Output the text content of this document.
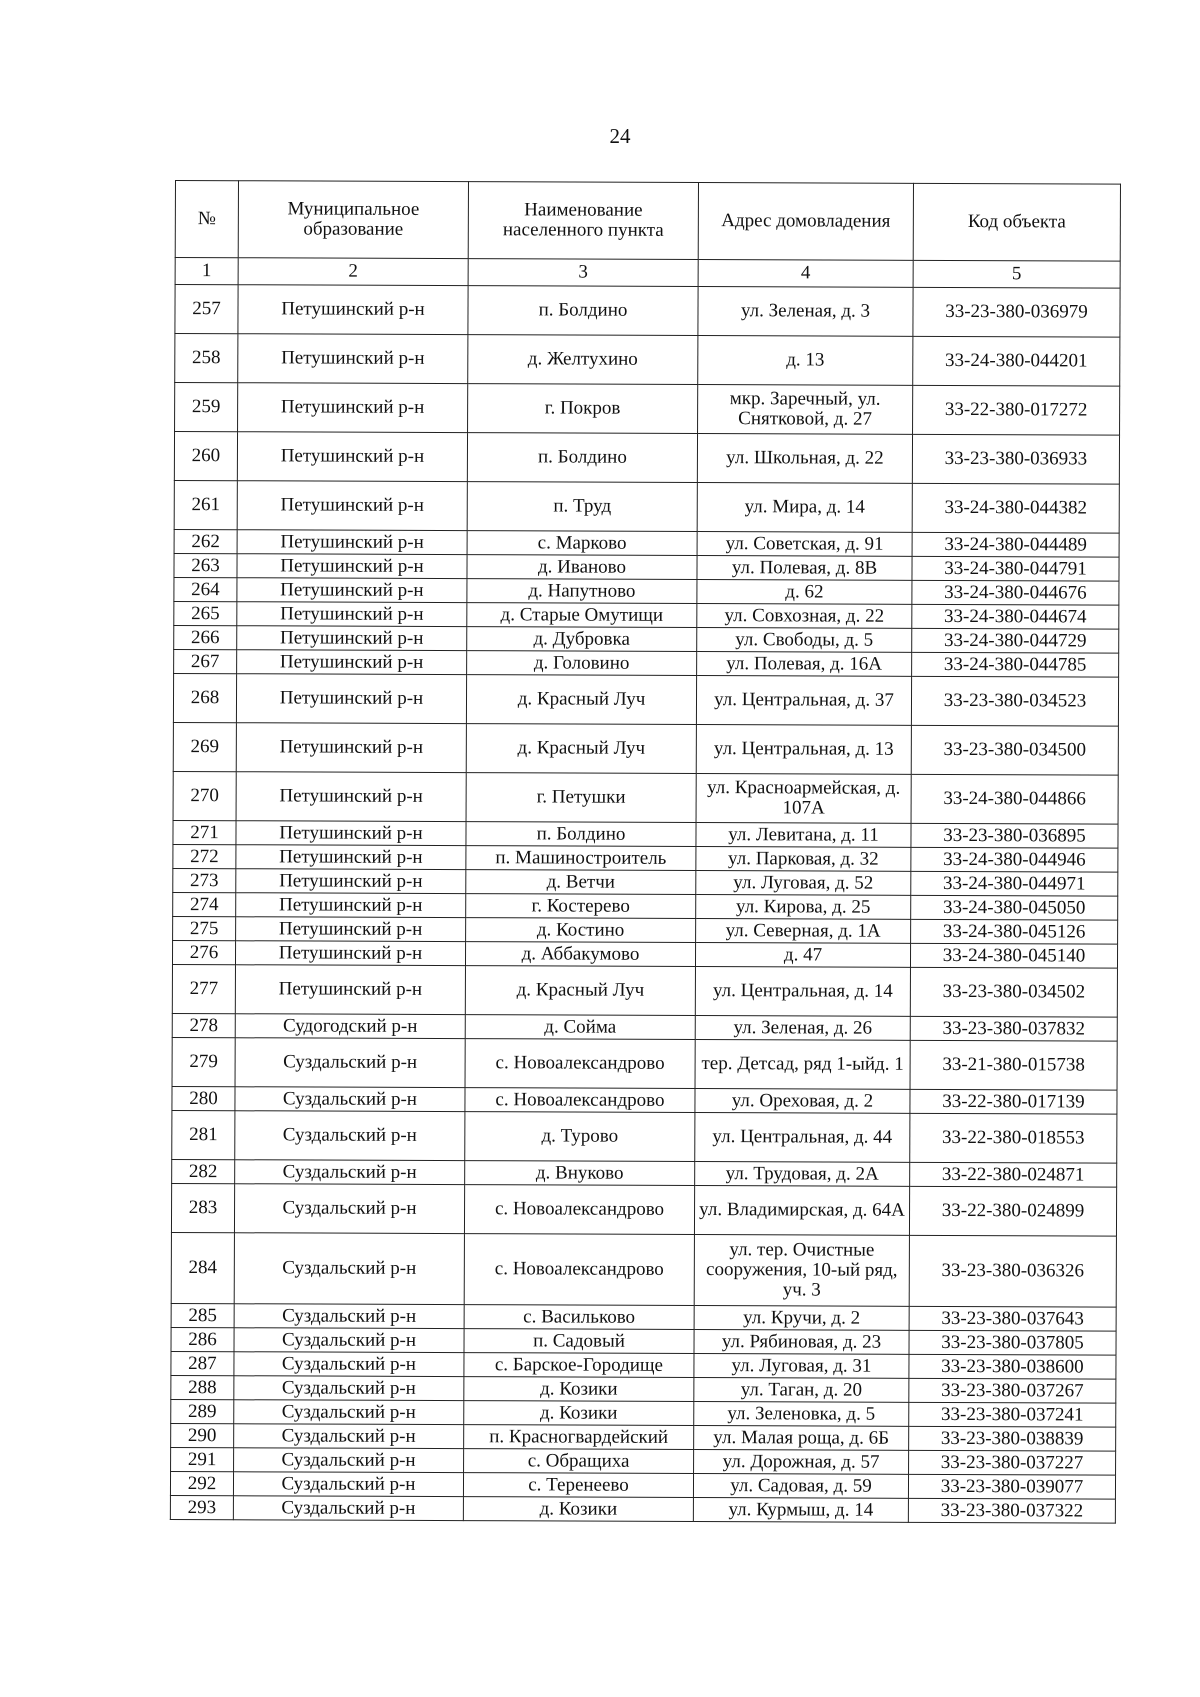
24
№	Муниципальное образование	Наименование населенного пункта	Адрес домовладения	Код объекта
1	2	3	4	5
257	Петушинский р-н	п. Болдино	ул. Зеленая, д. 3	33-23-380-036979
258	Петушинский р-н	д. Желтухино	д. 13	33-24-380-044201
259	Петушинский р-н	г. Покров	мкр. Заречный, ул. Снятковой, д. 27	33-22-380-017272
260	Петушинский р-н	п. Болдино	ул. Школьная, д. 22	33-23-380-036933
261	Петушинский р-н	п. Труд	ул. Мира, д. 14	33-24-380-044382
262	Петушинский р-н	с. Марково	ул. Советская, д. 91	33-24-380-044489
263	Петушинский р-н	д. Иваново	ул. Полевая, д. 8В	33-24-380-044791
264	Петушинский р-н	д. Напутново	д. 62	33-24-380-044676
265	Петушинский р-н	д. Старые Омутищи	ул. Совхозная, д. 22	33-24-380-044674
266	Петушинский р-н	д. Дубровка	ул. Свободы, д. 5	33-24-380-044729
267	Петушинский р-н	д. Головино	ул. Полевая, д. 16А	33-24-380-044785
268	Петушинский р-н	д. Красный Луч	ул. Центральная, д. 37	33-23-380-034523
269	Петушинский р-н	д. Красный Луч	ул. Центральная, д. 13	33-23-380-034500
270	Петушинский р-н	г. Петушки	ул. Красноармейская, д. 107А	33-24-380-044866
271	Петушинский р-н	п. Болдино	ул. Левитана, д. 11	33-23-380-036895
272	Петушинский р-н	п. Машиностроитель	ул. Парковая, д. 32	33-24-380-044946
273	Петушинский р-н	д. Ветчи	ул. Луговая, д. 52	33-24-380-044971
274	Петушинский р-н	г. Костерево	ул. Кирова, д. 25	33-24-380-045050
275	Петушинский р-н	д. Костино	ул. Северная, д. 1А	33-24-380-045126
276	Петушинский р-н	д. Аббакумово	д. 47	33-24-380-045140
277	Петушинский р-н	д. Красный Луч	ул. Центральная, д. 14	33-23-380-034502
278	Судогодский р-н	д. Сойма	ул. Зеленая, д. 26	33-23-380-037832
279	Суздальский р-н	с. Новоалександрово	тер. Детсад, ряд 1-ыйд. 1	33-21-380-015738
280	Суздальский р-н	с. Новоалександрово	ул. Ореховая, д. 2	33-22-380-017139
281	Суздальский р-н	д. Турово	ул. Центральная, д. 44	33-22-380-018553
282	Суздальский р-н	д. Внуково	ул. Трудовая, д. 2А	33-22-380-024871
283	Суздальский р-н	с. Новоалександрово	ул. Владимирская, д. 64А	33-22-380-024899
284	Суздальский р-н	с. Новоалександрово	ул. тер. Очистные сооружения, 10-ый ряд, уч. 3	33-23-380-036326
285	Суздальский р-н	с. Васильково	ул. Кручи, д. 2	33-23-380-037643
286	Суздальский р-н	п. Садовый	ул. Рябиновая, д. 23	33-23-380-037805
287	Суздальский р-н	с. Барское-Городище	ул. Луговая, д. 31	33-23-380-038600
288	Суздальский р-н	д. Козики	ул. Таган, д. 20	33-23-380-037267
289	Суздальский р-н	д. Козики	ул. Зеленовка, д. 5	33-23-380-037241
290	Суздальский р-н	п. Красногвардейский	ул. Малая роща, д. 6Б	33-23-380-038839
291	Суздальский р-н	с. Обращиха	ул. Дорожная, д. 57	33-23-380-037227
292	Суздальский р-н	с. Теренеево	ул. Садовая, д. 59	33-23-380-039077
293	Суздальский р-н	д. Козики	ул. Курмыш, д. 14	33-23-380-037322
